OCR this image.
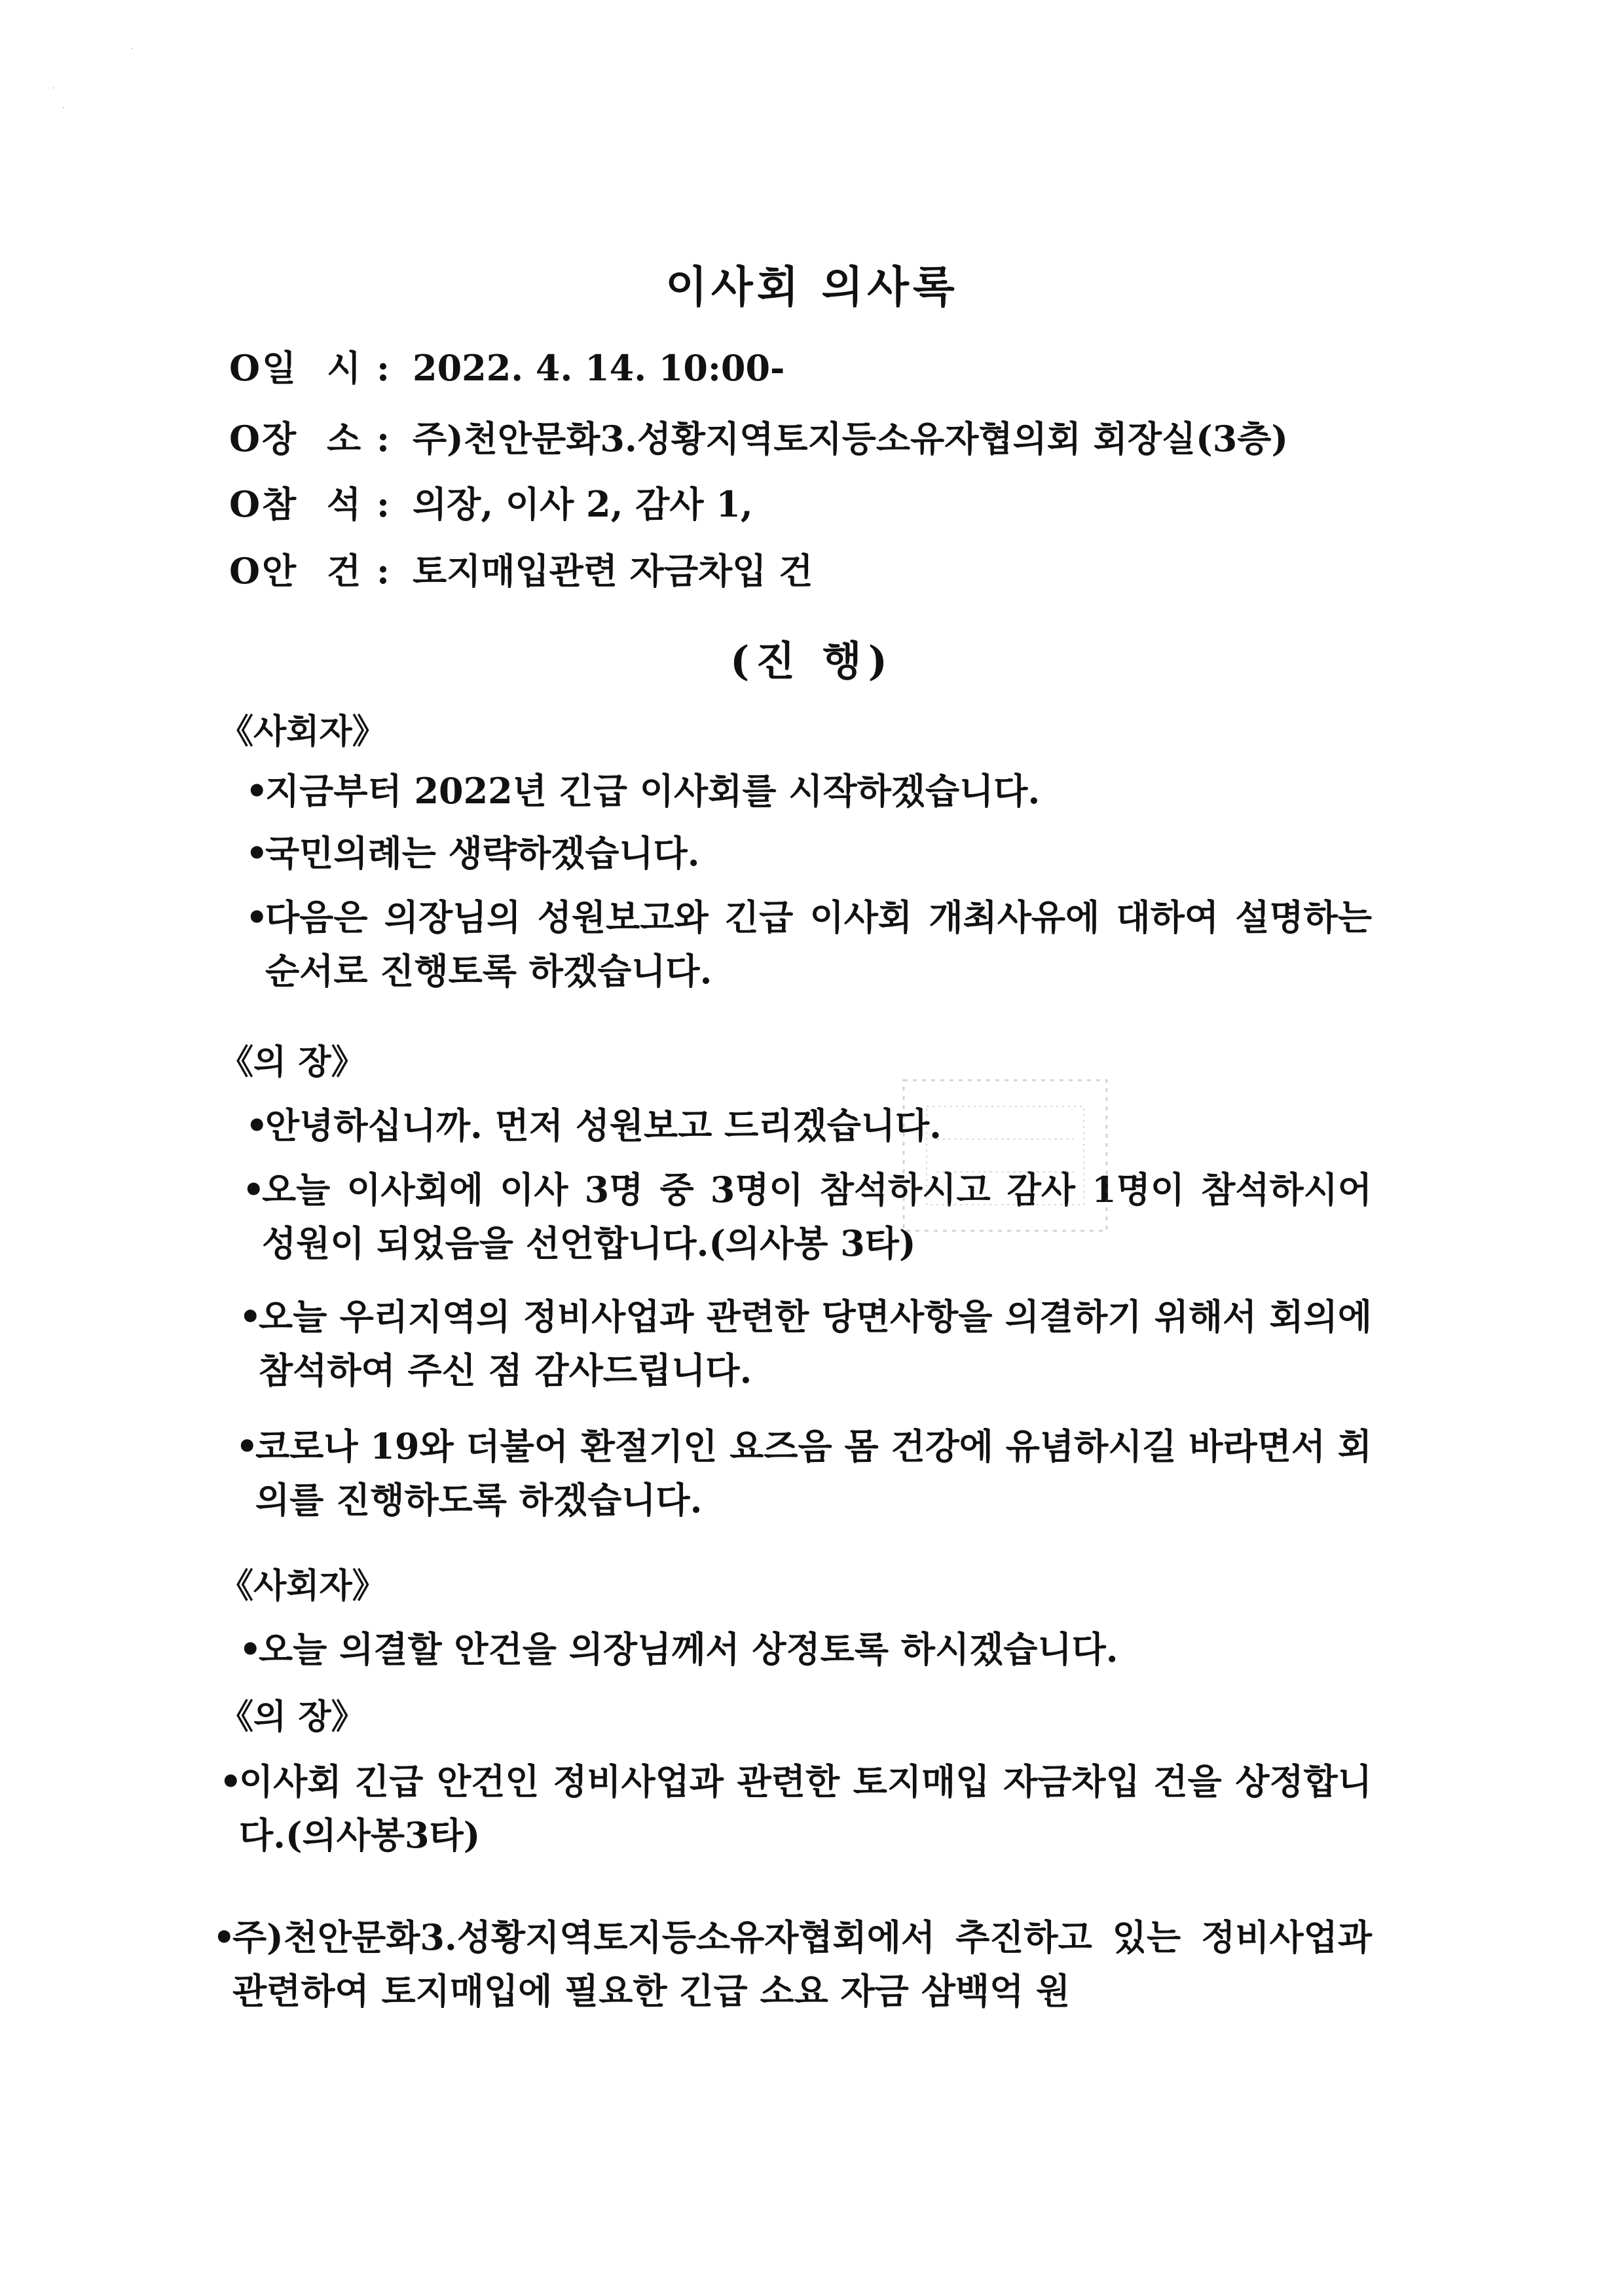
·
·
·
이사회 의사록
O일 시 : 2022. 4. 14. 10:00-
O장 소 : 주)천안문화3.성황지역토지등소유자협의회 회장실(3층)
O참 석 : 의장, 이사 2, 감사 1,
O안 건 : 토지매입관련 자금차입 건
(진 행)
《사회자》
•
지금부터 2022년 긴급 이사회를 시작하겠습니다.
•
국민의례는 생략하겠습니다.
•
다음은 의장님의 성원보고와 긴급 이사회 개최사유에 대하여 설명하는 순서로 진행토록 하겠습니다.
《의 장》
•
안녕하십니까. 먼저 성원보고 드리겠습니다.
•
오늘 이사회에 이사 3명 중 3명이 참석하시고 감사 1명이 참석하시어 성원이 되었음을 선언합니다.(의사봉 3타)
•
오늘 우리지역의 정비사업과 관련한 당면사항을 의결하기 위해서 회의에 참석하여 주신 점 감사드립니다.
•
코로나 19와 더불어 환절기인 요즈음 몸 건강에 유념하시길 바라면서 회의를 진행하도록 하겠습니다.
《사회자》
•
오늘 의결할 안건을 의장님께서 상정토록 하시겠습니다.
《의 장》
•
이사회 긴급 안건인 정비사업과 관련한 토지매입 자금차입 건을 상정합니다.(의사봉3타)
•
주)천안문화3.성황지역토지등소유자협회에서 추진하고 있는 정비사업과 관련하여 토지매입에 필요한 긴급 소요 자금 삼백억 원
